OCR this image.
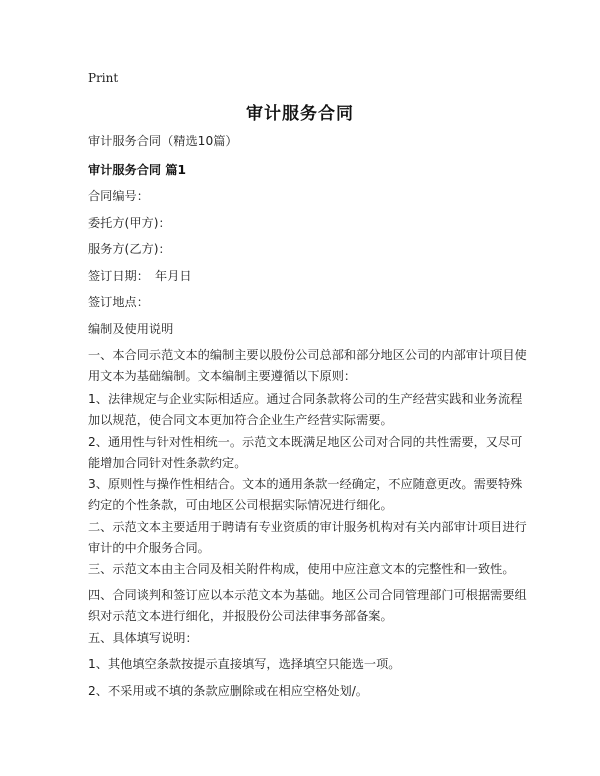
Print
审计服务合同
审计服务合同（精选10篇）
审计服务合同 篇1
合同编号：
委托方(甲方)：
服务方(乙方)：
签订日期：　年月日
签订地点：
编制及使用说明
一、本合同示范文本的编制主要以股份公司总部和部分地区公司的内部审计项目使用文本为基础编制。文本编制主要遵循以下原则：
1、法律规定与企业实际相适应。通过合同条款将公司的生产经营实践和业务流程加以规范，使合同文本更加符合企业生产经营实际需要。
2、通用性与针对性相统一。示范文本既满足地区公司对合同的共性需要，又尽可能增加合同针对性条款约定。
3、原则性与操作性相结合。文本的通用条款一经确定，不应随意更改。需要特殊约定的个性条款，可由地区公司根据实际情况进行细化。
二、示范文本主要适用于聘请有专业资质的审计服务机构对有关内部审计项目进行审计的中介服务合同。
三、示范文本由主合同及相关附件构成，使用中应注意文本的完整性和一致性。
四、合同谈判和签订应以本示范文本为基础。地区公司合同管理部门可根据需要组织对示范文本进行细化，并报股份公司法律事务部备案。
五、具体填写说明：
1、其他填空条款按提示直接填写，选择填空只能选一项。
2、不采用或不填的条款应删除或在相应空格处划/。
